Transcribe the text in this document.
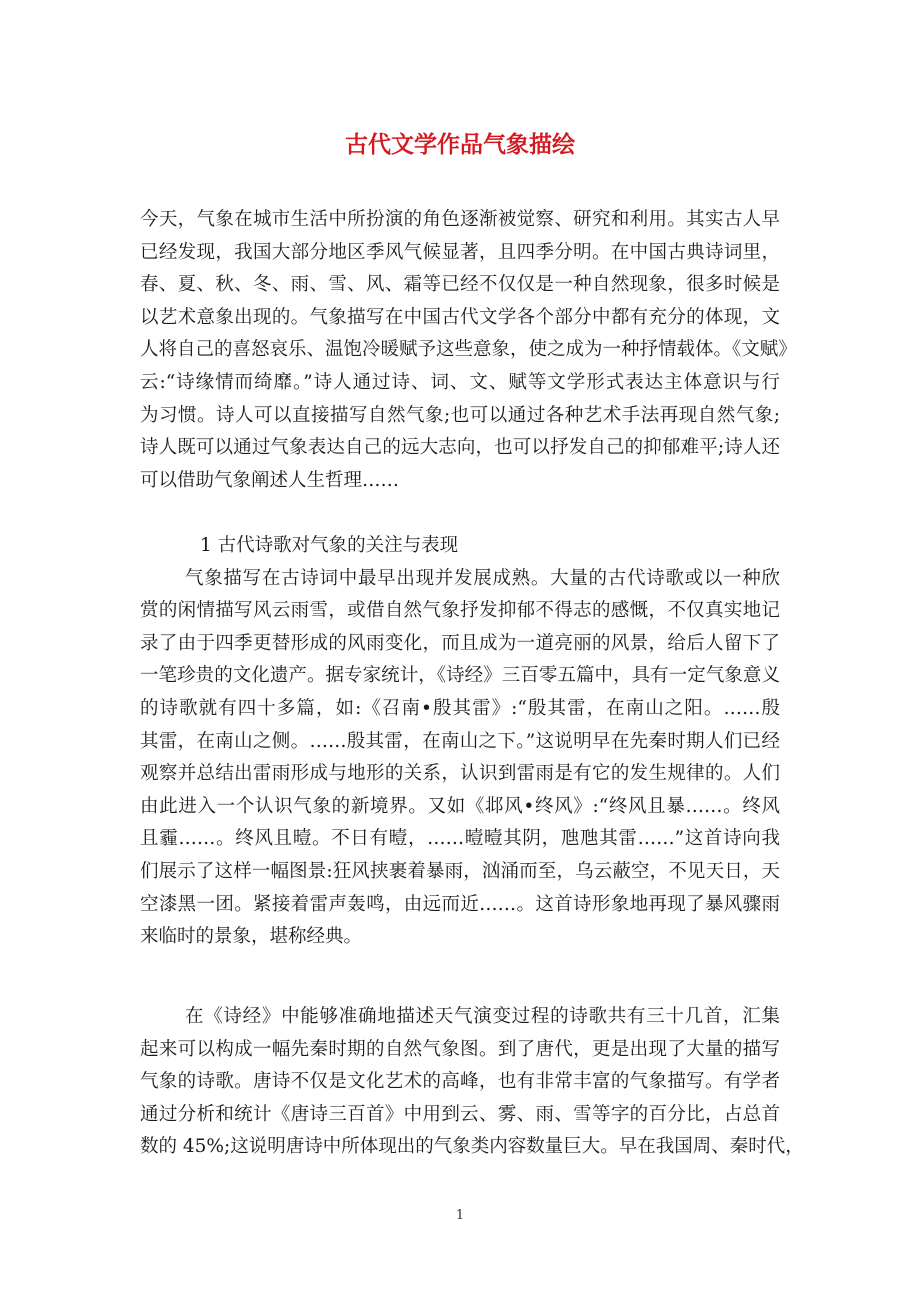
古代文学作品气象描绘
今天，气象在城市生活中所扮演的角色逐渐被觉察、研究和利用。其实古人早
已经发现，我国大部分地区季风气候显著，且四季分明。在中国古典诗词里，
春、夏、秋、冬、雨、雪、风、霜等已经不仅仅是一种自然现象，很多时候是
以艺术意象出现的。气象描写在中国古代文学各个部分中都有充分的体现，文
人将自己的喜怒哀乐、温饱冷暖赋予这些意象，使之成为一种抒情载体。《文赋》
云:“诗缘情而绮靡。”诗人通过诗、词、文、赋等文学形式表达主体意识与行
为习惯。诗人可以直接描写自然气象;也可以通过各种艺术手法再现自然气象;
诗人既可以通过气象表达自己的远大志向，也可以抒发自己的抑郁难平;诗人还
可以借助气象阐述人生哲理……
1 古代诗歌对气象的关注与表现
气象描写在古诗词中最早出现并发展成熟。大量的古代诗歌或以一种欣
赏的闲情描写风云雨雪，或借自然气象抒发抑郁不得志的感慨，不仅真实地记
录了由于四季更替形成的风雨变化，而且成为一道亮丽的风景，给后人留下了
一笔珍贵的文化遗产。据专家统计，《诗经》三百零五篇中，具有一定气象意义
的诗歌就有四十多篇，如:《召南•殷其雷》:“殷其雷，在南山之阳。……殷
其雷，在南山之侧。……殷其雷，在南山之下。”这说明早在先秦时期人们已经
观察并总结出雷雨形成与地形的关系，认识到雷雨是有它的发生规律的。人们
由此进入一个认识气象的新境界。又如《邶风•终风》:“终风且暴……。终风
且霾……。终风且曀。不日有曀，……曀曀其阴，虺虺其雷……”这首诗向我
们展示了这样一幅图景:狂风挟裹着暴雨，汹涌而至，乌云蔽空，不见天日，天
空漆黑一团。紧接着雷声轰鸣，由远而近……。这首诗形象地再现了暴风骤雨
来临时的景象，堪称经典。
在《诗经》中能够准确地描述天气演变过程的诗歌共有三十几首，汇集
起来可以构成一幅先秦时期的自然气象图。到了唐代，更是出现了大量的描写
气象的诗歌。唐诗不仅是文化艺术的高峰，也有非常丰富的气象描写。有学者
通过分析和统计《唐诗三百首》中用到云、雾、雨、雪等字的百分比，占总首
数的 45%;这说明唐诗中所体现出的气象类内容数量巨大。早在我国周、秦时代，
1
